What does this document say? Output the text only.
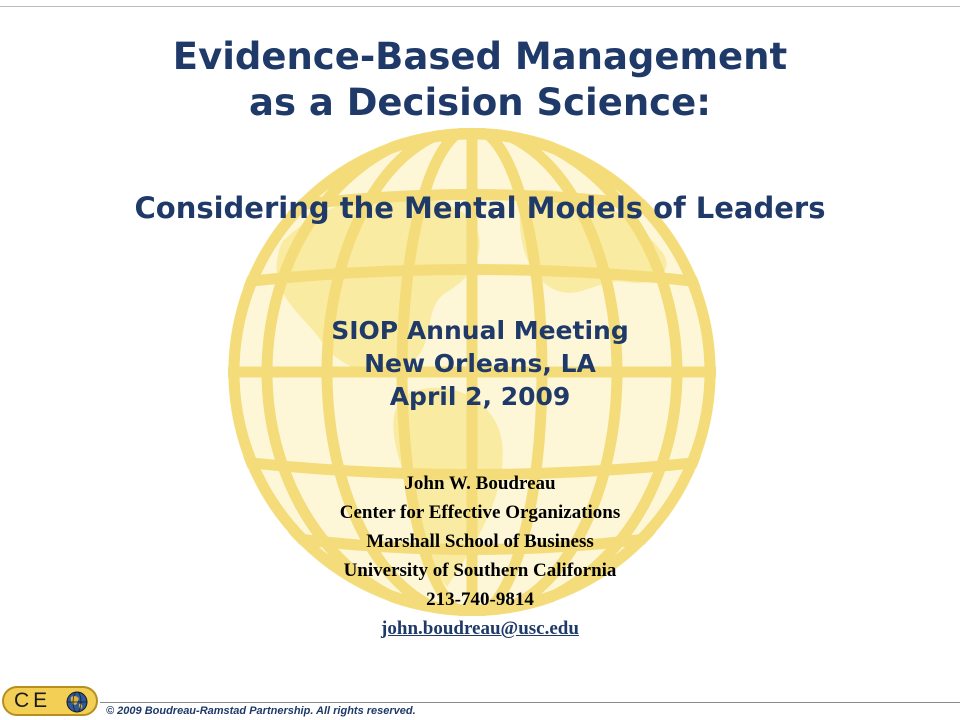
Evidence-Based Management
as a Decision Science:
Considering the Mental Models of Leaders
SIOP Annual Meeting
New Orleans, LA
April 2, 2009
John W. Boudreau
Center for Effective Organizations
Marshall School of Business
University of Southern California
213-740-9814
john.boudreau@usc.edu
CE	© 2009 Boudreau-Ramstad Partnership. All rights reserved.
